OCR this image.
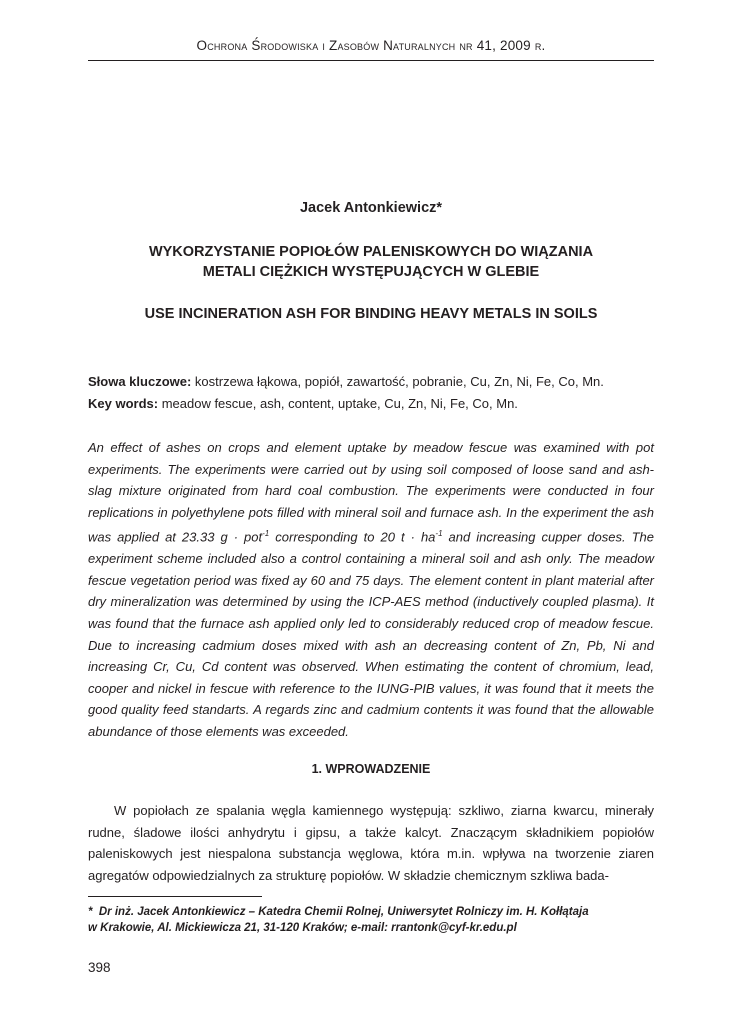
Ochrona Środowiska i Zasobów Naturalnych nr 41, 2009 r.
Jacek Antonkiewicz*
WYKORZYSTANIE POPIOŁÓW PALENISKOWYCH DO WIĄZANIA
METALI CIĘŻKICH WYSTĘPUJĄCYCH W GLEBIE
USE INCINERATION ASH FOR BINDING HEAVY METALS IN SOILS
Słowa kluczowe: kostrzewa łąkowa, popiół, zawartość, pobranie, Cu, Zn, Ni, Fe, Co, Mn.
Key words: meadow fescue, ash, content, uptake, Cu, Zn, Ni, Fe, Co, Mn.

An effect of ashes on crops and element uptake by meadow fescue was examined with pot experiments. The experiments were carried out by using soil composed of loose sand and ash-slag mixture originated from hard coal combustion. The experiments were conducted in four replications in polyethylene pots filled with mineral soil and furnace ash. In the experiment the ash was applied at 23.33 g · pot$^{-1}$ corresponding to 20 $t \cdot ha^{-1}$ and increasing cupper doses. The experiment scheme included also a control containing a mineral soil and ash only. The meadow fescue vegetation period was fixed ay 60 and 75 days. The element content in plant material after dry mineralization was determined by using the ICP-AES method (inductively coupled plasma). It was found that the furnace ash applied only led to considerably reduced crop of meadow fescue. Due to increasing cadmium doses mixed with ash an decreasing content of Zn, Pb, Ni and increasing Cr, Cu, Cd content was observed. When estimating the content of chromium, lead, cooper and nickel in fescue with reference to the IUNG-PIB values, it was found that it meets the good quality feed standarts. A regards zinc and cadmium contents it was found that the allowable abundance of those elements was exceeded.

1. WPROWADZENIE

W popiołach ze spalania węgla kamiennego występują: szkliwo, ziarna kwarcu, minerały rudne, śladowe ilości anhydrytu i gipsu, a także kalcyt. Znaczącym składnikiem popiołów paleniskowych jest niespalona substancja węglowa, która m.in. wpływa na tworzenie ziaren agregatów odpowiedzialnych za strukturę popiołów. W składzie chemicznym szkliwa bada-

* Dr inż. Jacek Antonkiewicz – Katedra Chemii Rolnej, Uniwersytet Rolniczy im. H. Kołłątaja
w Krakowie, Al. Mickiewicza 21, 31-120 Kraków; e-mail: rrantonk@cyf-kr.edu.pl

398
